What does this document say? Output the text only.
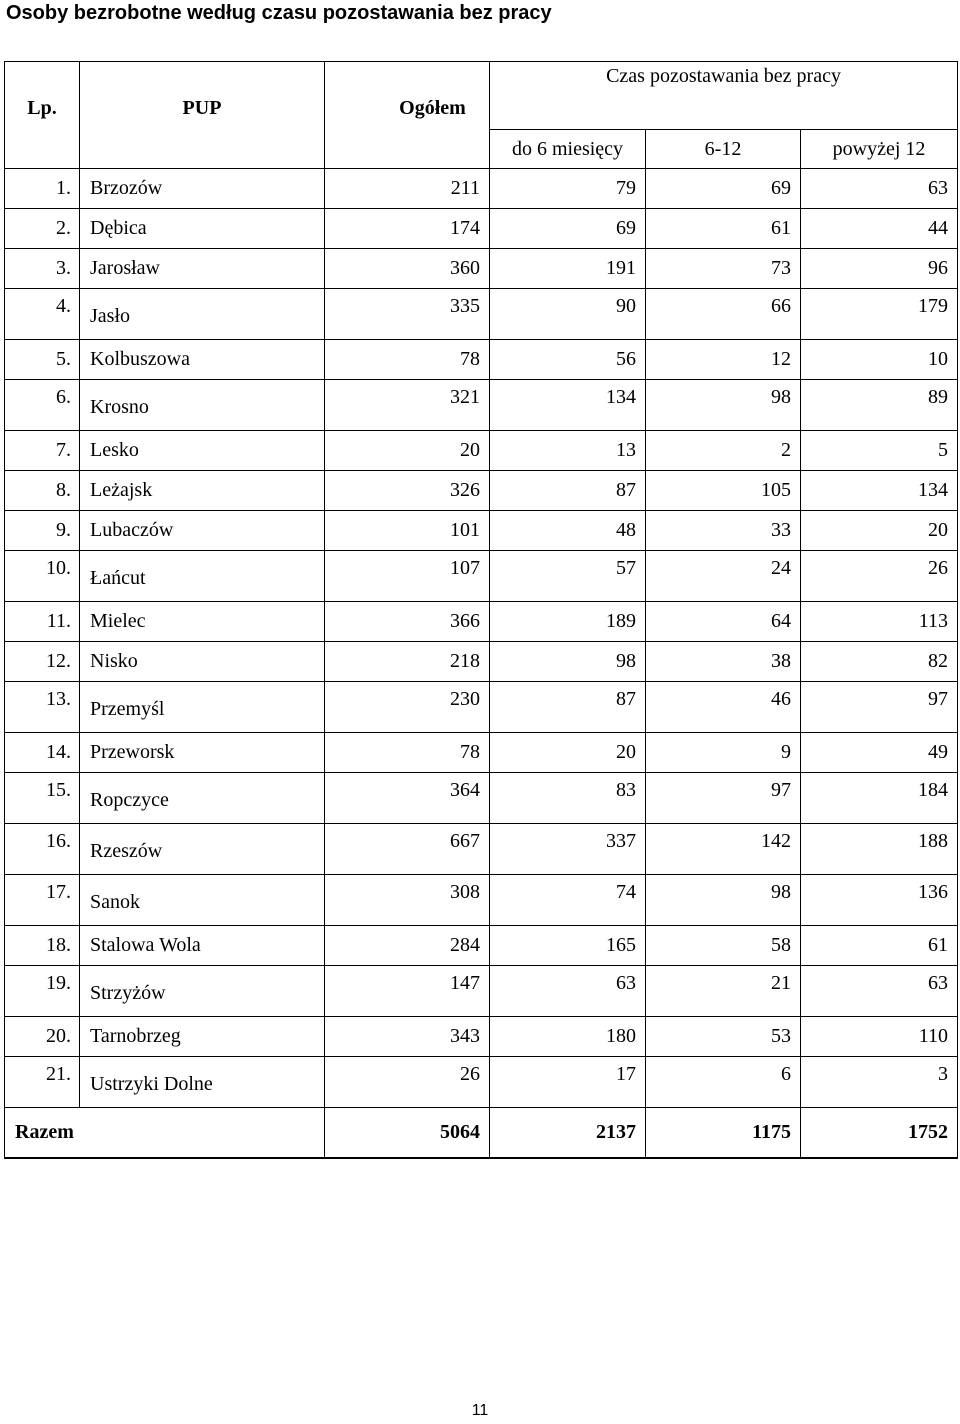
Osoby bezrobotne według czasu pozostawania bez pracy
Lp.	PUP	Ogółem	Czas pozostawania bez pracy		
			do 6 miesięcy	6-12	powyżej 12
1.	Brzozów	211	79	69	63
2.	Dębica	174	69	61	44
3.	Jarosław	360	191	73	96
4.	Jasło	335	90	66	179
5.	Kolbuszowa	78	56	12	10
6.	Krosno	321	134	98	89
7.	Lesko	20	13	2	5
8.	Leżajsk	326	87	105	134
9.	Lubaczów	101	48	33	20
10.	Łańcut	107	57	24	26
11.	Mielec	366	189	64	113
12.	Nisko	218	98	38	82
13.	Przemyśl	230	87	46	97
14.	Przeworsk	78	20	9	49
15.	Ropczyce	364	83	97	184
16.	Rzeszów	667	337	142	188
17.	Sanok	308	74	98	136
18.	Stalowa Wola	284	165	58	61
19.	Strzyżów	147	63	21	63
20.	Tarnobrzeg	343	180	53	110
21.	Ustrzyki Dolne	26	17	6	3
Razem		5064	2137	1175	1752
11
